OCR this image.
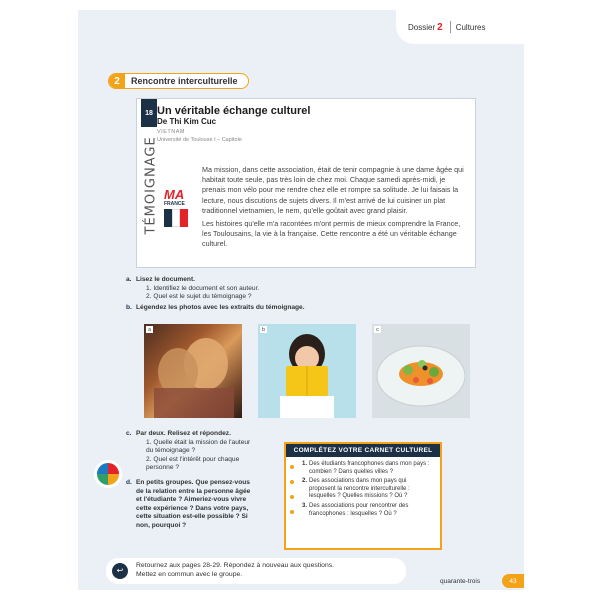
Dossier 2 Cultures
2	Rencontre interculturelle
18
TÉMOIGNAGE MA
FRANCE
Un véritable échange culturel
De Thi Kim Cuc
VIETNAM
Université de Toulouse I – Capitole

Ma mission, dans cette association, était de tenir compagnie à une dame âgée qui habitait toute seule, pas très loin de chez moi. Chaque samedi après-midi, je prenais mon vélo pour me rendre chez elle et rompre sa solitude. Je lui faisais la lecture, nous discutions de sujets divers. Il m'est arrivé de lui cuisiner un plat traditionnel vietnamien, le nem, qu'elle goûtait avec grand plaisir.

Les histoires qu'elle m'a racontées m'ont permis de mieux comprendre la France, les Toulousains, la vie à la française. Cette rencontre a été un véritable échange culturel.

a. Lisez le document.
1. Identifiez le document et son auteur.
2. Quel est le sujet du témoignage ?
b. Légendez les photos avec les extraits du témoignage.
a	b	c
c. Par deux. Relisez et répondez.
1. Quelle était la mission de l'auteur du témoignage ?
2. Quel est l'intérêt pour chaque personne ?
d. En petits groupes. Que pensez-vous de la relation entre la personne âgée et l'étudiante ? Aimeriez-vous vivre cette expérience ? Dans votre pays, cette situation est-elle possible ? Si non, pourquoi ?
COMPLÉTEZ VOTRE CARNET CULTUREL
1. Des étudiants francophones dans mon pays : combien ? Dans quelles villes ?
2. Des associations dans mon pays qui proposent la rencontre interculturelle : lesquelles ? Quelles missions ? Où ?
3. Des associations pour rencontrer des francophones : lesquelles ? Où ?
↩	Retournez aux pages 28-29. Répondez à nouveau aux questions.
Mettez en commun avec le groupe.
quarante-trois	43
